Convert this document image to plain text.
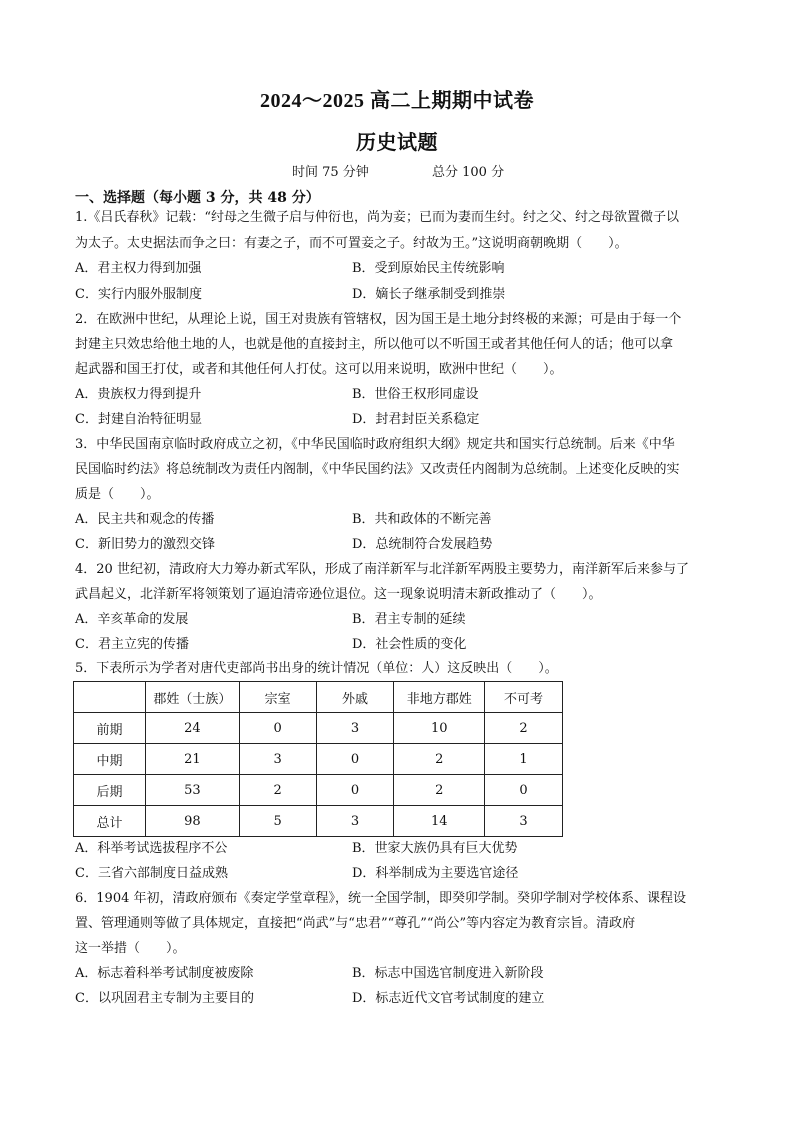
2024～2025 高二上期期中试卷
历史试题
时间 75 分钟	总分 100 分
一、选择题（每小题 3 分，共 48 分）
1.《吕氏春秋》记载：“纣母之生微子启与仲衍也，尚为妾；已而为妻而生纣。纣之父、纣之母欲置微子以
为太子。太史据法而争之曰：有妻之子，而不可置妾之子。纣故为王。”这说明商朝晚期（　　）。
A．君主权力得到加强	B．受到原始民主传统影响
C．实行内服外服制度	D．嫡长子继承制受到推崇
2．在欧洲中世纪，从理论上说，国王对贵族有管辖权，因为国王是土地分封终极的来源；可是由于每一个
封建主只效忠给他土地的人，也就是他的直接封主，所以他可以不听国王或者其他任何人的话；他可以拿
起武器和国王打仗，或者和其他任何人打仗。这可以用来说明，欧洲中世纪（　　）。
A．贵族权力得到提升	B．世俗王权形同虚设
C．封建自治特征明显	D．封君封臣关系稳定
3．中华民国南京临时政府成立之初，《中华民国临时政府组织大纲》规定共和国实行总统制。后来《中华
民国临时约法》将总统制改为责任内阁制，《中华民国约法》又改责任内阁制为总统制。上述变化反映的实
质是（　　）。
A．民主共和观念的传播	B．共和政体的不断完善
C．新旧势力的激烈交锋	D．总统制符合发展趋势
4．20 世纪初，清政府大力筹办新式军队，形成了南洋新军与北洋新军两股主要势力，南洋新军后来参与了
武昌起义，北洋新军将领策划了逼迫清帝逊位退位。这一现象说明清末新政推动了（　　）。
A．辛亥革命的发展	B．君主专制的延续
C．君主立宪的传播	D．社会性质的变化
5．下表所示为学者对唐代吏部尚书出身的统计情况（单位：人）这反映出（　　）。
	郡姓（士族）	宗室	外戚	非地方郡姓	不可考
前期	24	0	3	10	2
中期	21	3	0	2	1
后期	53	2	0	2	0
总计	98	5	3	14	3
A．科举考试选拔程序不公	B．世家大族仍具有巨大优势
C．三省六部制度日益成熟	D．科举制成为主要选官途径
6．1904 年初，清政府颁布《奏定学堂章程》，统一全国学制，即癸卯学制。癸卯学制对学校体系、课程设
置、管理通则等做了具体规定，直接把“尚武”与“忠君”“尊孔”“尚公”等内容定为教育宗旨。清政府
这一举措（　　）。
A．标志着科举考试制度被废除	B．标志中国选官制度进入新阶段
C．以巩固君主专制为主要目的	D．标志近代文官考试制度的建立
